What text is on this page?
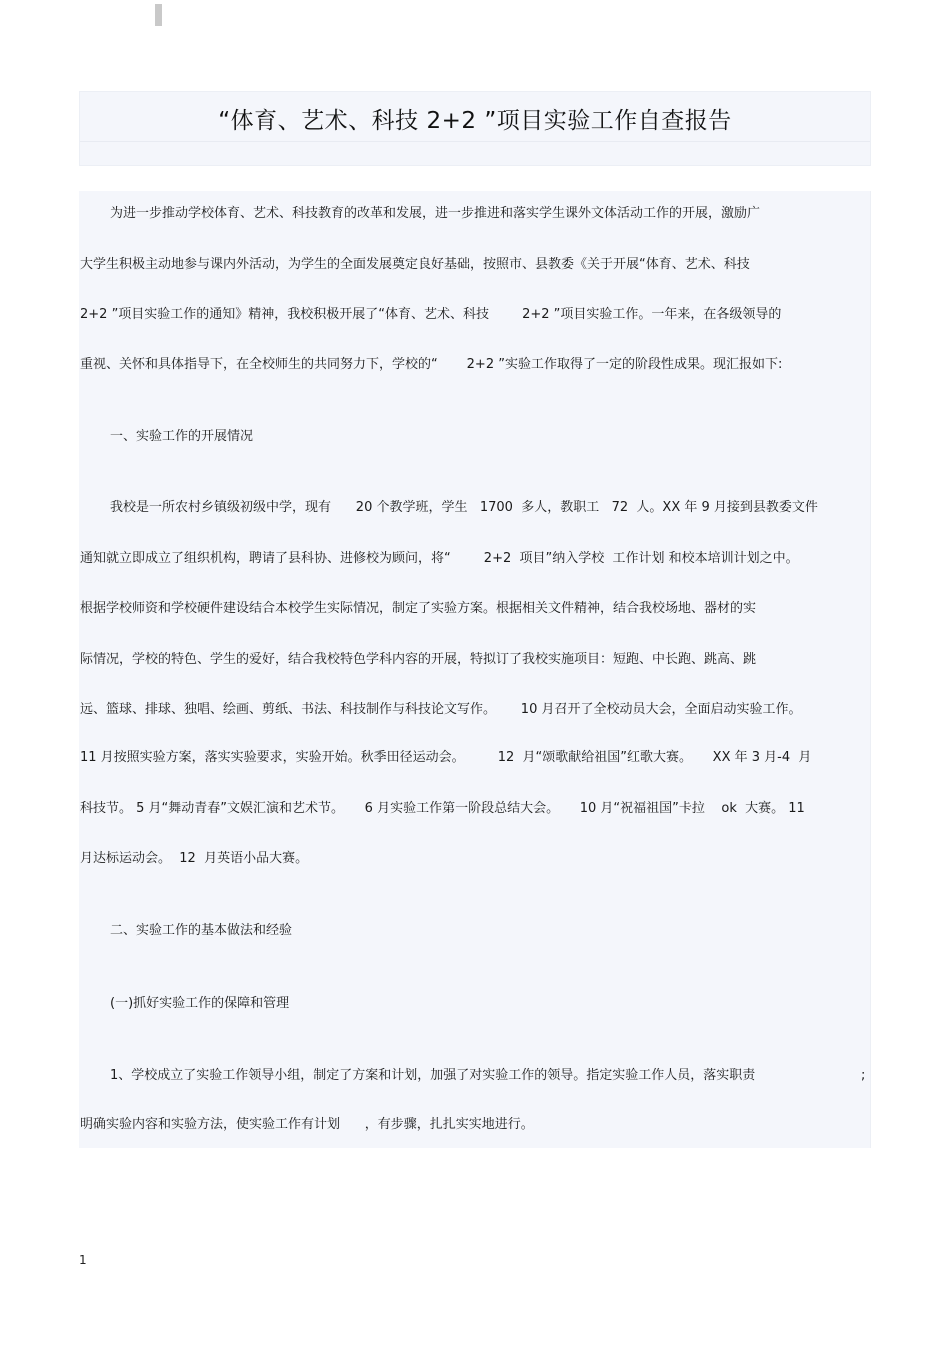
“体育、艺术、科技 2+2 ”项目实验工作自查报告

为进一步推动学校体育、艺术、科技教育的改革和发展，进一步推进和落实学生课外文体活动工作的开展，激励广

大学生积极主动地参与课内外活动，为学生的全面发展奠定良好基础，按照市、县教委《关于开展“体育、艺术、科技

2+2 ”项目实验工作的通知》精神，我校积极开展了“体育、艺术、科技        2+2 ”项目实验工作。一年来，在各级领导的

重视、关怀和具体指导下，在全校师生的共同努力下，学校的“       2+2 ”实验工作取得了一定的阶段性成果。现汇报如下:

一、实验工作的开展情况

我校是一所农村乡镇级初级中学，现有      20 个教学班，学生   1700  多人，教职工   72  人。XX 年 9 月接到县教委文件

通知就立即成立了组织机构，聘请了县科协、进修校为顾问，将“        2+2  项目”纳入学校  工作计划 和校本培训计划之中。

根据学校师资和学校硬件建设结合本校学生实际情况，制定了实验方案。根据相关文件精神，结合我校场地、器材的实

际情况，学校的特色、学生的爱好，结合我校特色学科内容的开展，特拟订了我校实施项目：短跑、中长跑、跳高、跳

远、篮球、排球、独唱、绘画、剪纸、书法、科技制作与科技论文写作。      10 月召开了全校动员大会，全面启动实验工作。

11 月按照实验方案，落实实验要求，实验开始。秋季田径运动会。        12  月“颂歌献给祖国”红歌大赛。     XX 年 3 月-4  月

科技节。 5 月“舞动青春”文娱汇演和艺术节。     6 月实验工作第一阶段总结大会。     10 月“祝福祖国”卡拉    ok  大赛。 11

月达标运动会。  12  月英语小品大赛。

二、实验工作的基本做法和经验

(一)抓好实验工作的保障和管理

1、学校成立了实验工作领导小组，制定了方案和计划，加强了对实验工作的领导。指定实验工作人员，落实职责	;

明确实验内容和实验方法，使实验工作有计划      ，有步骤，扎扎实实地进行。

1
